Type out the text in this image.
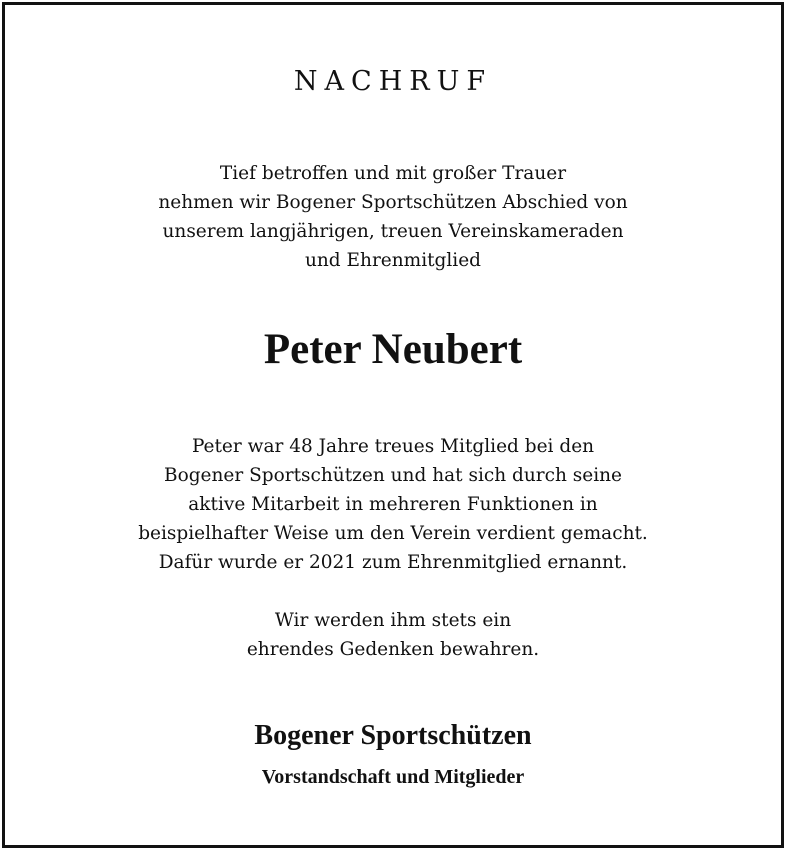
NACHRUF
Tief betroffen und mit großer Trauer
nehmen wir Bogener Sportschützen Abschied von
unserem langjährigen, treuen Vereinskameraden
und Ehrenmitglied
Peter Neubert
Peter war 48 Jahre treues Mitglied bei den
Bogener Sportschützen und hat sich durch seine
aktive Mitarbeit in mehreren Funktionen in
beispielhafter Weise um den Verein verdient gemacht.
Dafür wurde er 2021 zum Ehrenmitglied ernannt.
Wir werden ihm stets ein
ehrendes Gedenken bewahren.
Bogener Sportschützen
Vorstandschaft und Mitglieder
